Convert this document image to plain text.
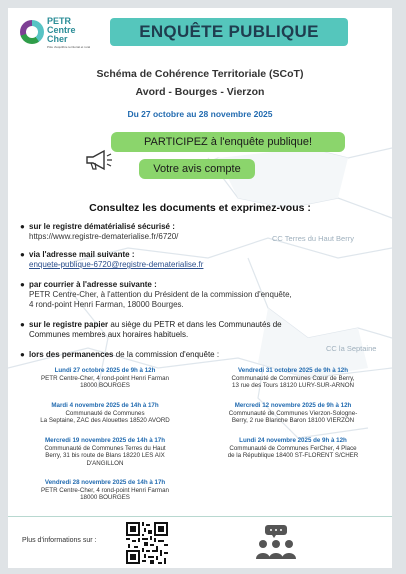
PETR
Centre
Cher
Pôle d'équilibre territorial et rural
ENQUÊTE PUBLIQUE
Schéma de Cohérence Territoriale (SCoT)
Avord - Bourges - Vierzon
Du 27 octobre au 28 novembre 2025
PARTICIPEZ à l'enquête publique!
Votre avis compte
Consultez les documents et exprimez-vous :
CC Terres du Haut Berry
CC la Septaine
● sur le registre dématérialisé sécurisé :
https://www.registre-dematerialise.fr/6720/
● via l'adresse mail suivante :
enquete-publique-6720@registre-dematerialise.fr
● par courrier à l'adresse suivante :
PETR Centre-Cher, à l'attention du Président de la commission d'enquête,
4 rond-point Henri Farman, 18000 Bourges.
● sur le registre papier au siège du PETR et dans les Communautés de
Communes membres aux horaires habituels.
● lors des permanences de la commission d'enquête :
Lundi 27 octobre 2025 de 9h à 12h
PETR Centre-Cher, 4 rond-point Henri Farman
18000 BOURGES
Vendredi 31 octobre 2025 de 9h à 12h
Communauté de Communes Cœur de Berry,
13 rue des Tours 18120 LURY-SUR-ARNON
Mardi 4 novembre 2025 de 14h à 17h
Communauté de Communes
La Septaine, ZAC des Alouettes 18520 AVORD
Mercredi 12 novembre 2025 de 9h à 12h
Communauté de Communes Vierzon-Sologne-
Berry, 2 rue Blanche Baron 18100 VIERZON
Mercredi 19 novembre 2025 de 14h à 17h
Communauté de Communes Terres du Haut
Berry, 31 bis route de Blans 18220 LES AIX
D'ANGILLON
Lundi 24 novembre 2025 de 9h à 12h
Communauté de Communes FerCher, 4 Place
de la République 18400 ST-FLORENT S/CHER
Vendredi 28 novembre 2025 de 14h à 17h
PETR Centre-Cher, 4 rond-point Henri Farman
18000 BOURGES
Plus d'informations sur :
